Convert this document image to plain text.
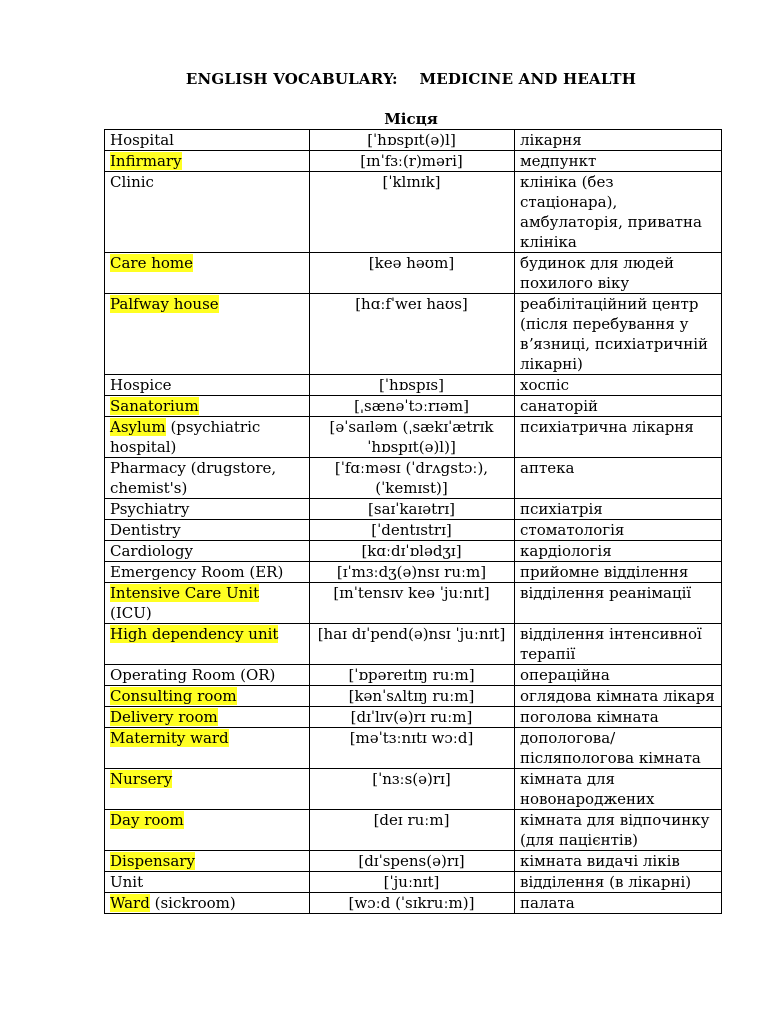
ENGLISH VOCABULARY:    MEDICINE AND HEALTH
Місця
Hospital	[ˈhɒspɪt(ə)l]	лікарня
Infirmary	[ɪnˈfɜː(r)məri]	медпункт
Clinic	[ˈklɪnɪk]	клініка (без стаціонара), амбулаторія, приватна клініка
Care home	[keə həʊm]	будинок для людей похилого віку
Palfway house	[hɑːfˈweɪ haʊs]	реабілітаційний центр (після перебування у вʼязниці, психіатричній лікарні)
Hospice	[ˈhɒspɪs]	хоспіс
Sanatorium	[ˌsænəˈtɔːrɪəm]	санаторій
Asylum (psychiatric hospital)	[əˈsaɪləm (ˌsækɪˈætrɪk ˈhɒspɪt(ə)l)]	психіатрична лікарня
Pharmacy (drugstore, chemist's)	[ˈfɑːməsɪ (ˈdrʌgstɔː), (ˈkemɪst)]	аптека
Psychiatry	[saɪˈkaɪətrɪ]	психіатрія
Dentistry	[ˈdentɪstrɪ]	стоматологія
Cardiology	[kɑːdɪˈɒlədʒɪ]	кардіологія
Emergency Room (ER)	[ɪˈmɜːdʒ(ə)nsɪ ruːm]	прийомне відділення
Intensive Care Unit (ICU)	[ɪnˈtensɪv keə ˈjuːnɪt]	відділення реанімації
High dependency unit	[haɪ dɪˈpend(ə)nsɪ ˈjuːnɪt]	відділення інтенсивної терапії
Operating Room (OR)	[ˈɒpəreɪtɪŋ ruːm]	операційна
Consulting room	[kənˈsʌltɪŋ ruːm]	оглядова кімната лікаря
Delivery room	[dɪˈlɪv(ə)rɪ ruːm]	поголова кімната
Maternity ward	[məˈtɜːnɪtɪ wɔːd]	допологова/ післяпологова кімната
Nursery	[ˈnɜːs(ə)rɪ]	кімната для новонароджених
Day room	[deɪ ruːm]	кімната для відпочинку (для пацієнтів)
Dispensary	[dɪˈspens(ə)rɪ]	кімната видачі ліків
Unit	[ˈjuːnɪt]	відділення (в лікарні)
Ward (sickroom)	[wɔːd (ˈsɪkruːm)]	палата
